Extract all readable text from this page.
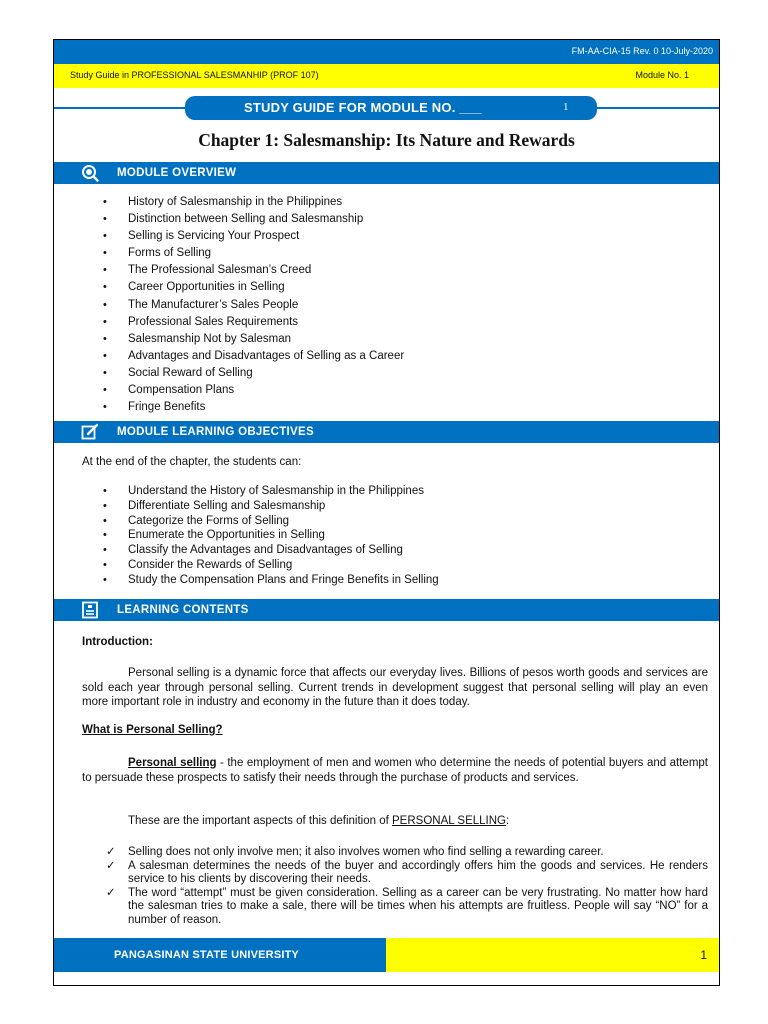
FM-AA-CIA-15 Rev. 0 10-July-2020
Study Guide in PROFESSIONAL SALESMANHIP (PROF 107)	Module No. 1
STUDY GUIDE FOR MODULE NO. ___	1
Chapter 1: Salesmanship: Its Nature and Rewards
MODULE OVERVIEW
• History of Salesmanship in the Philippines
• Distinction between Selling and Salesmanship
• Selling is Servicing Your Prospect
• Forms of Selling
• The Professional Salesman’s Creed
• Career Opportunities in Selling
• The Manufacturer’s Sales People
• Professional Sales Requirements
• Salesmanship Not by Salesman
• Advantages and Disadvantages of Selling as a Career
• Social Reward of Selling
• Compensation Plans
• Fringe Benefits
MODULE LEARNING OBJECTIVES
At the end of the chapter, the students can:
• Understand the History of Salesmanship in the Philippines
• Differentiate Selling and Salesmanship
• Categorize the Forms of Selling
• Enumerate the Opportunities in Selling
• Classify the Advantages and Disadvantages of Selling
• Consider the Rewards of Selling
• Study the Compensation Plans and Fringe Benefits in Selling
LEARNING CONTENTS
Introduction:
Personal selling is a dynamic force that affects our everyday lives. Billions of pesos worth goods and services are sold each year through personal selling. Current trends in development suggest that personal selling will play an even more important role in industry and economy in the future than it does today.
What is Personal Selling?
Personal selling - the employment of men and women who determine the needs of potential buyers and attempt to persuade these prospects to satisfy their needs through the purchase of products and services.
These are the important aspects of this definition of PERSONAL SELLING:
✓ Selling does not only involve men; it also involves women who find selling a rewarding career.
✓ A salesman determines the needs of the buyer and accordingly offers him the goods and services. He renders service to his clients by discovering their needs.
✓ The word “attempt” must be given consideration. Selling as a career can be very frustrating. No matter how hard the salesman tries to make a sale, there will be times when his attempts are fruitless. People will say “NO” for a number of reason.
PANGASINAN STATE UNIVERSITY	1
